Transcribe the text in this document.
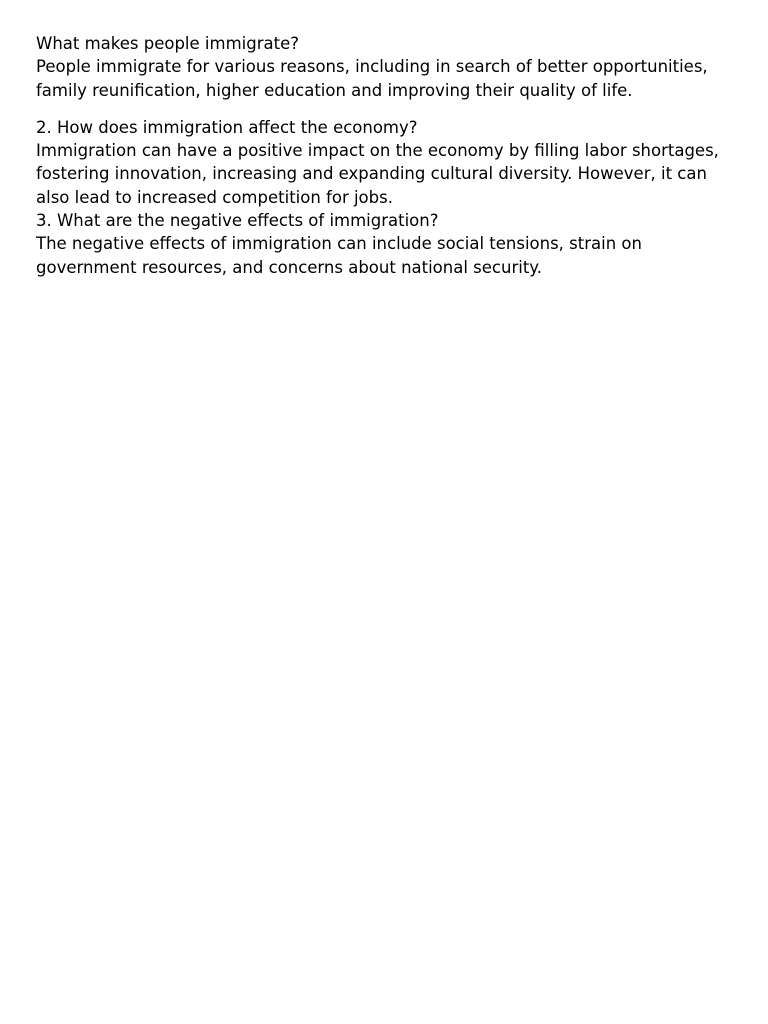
What makes people immigrate?

People immigrate for various reasons, including in search of better opportunities, family reunification, higher education and improving their quality of life.

2. How does immigration affect the economy?

Immigration can have a positive impact on the economy by filling labor shortages, fostering innovation, increasing and expanding cultural diversity. However, it can also lead to increased competition for jobs.

3. What are the negative effects of immigration?

The negative effects of immigration can include social tensions, strain on government resources, and concerns about national security.
